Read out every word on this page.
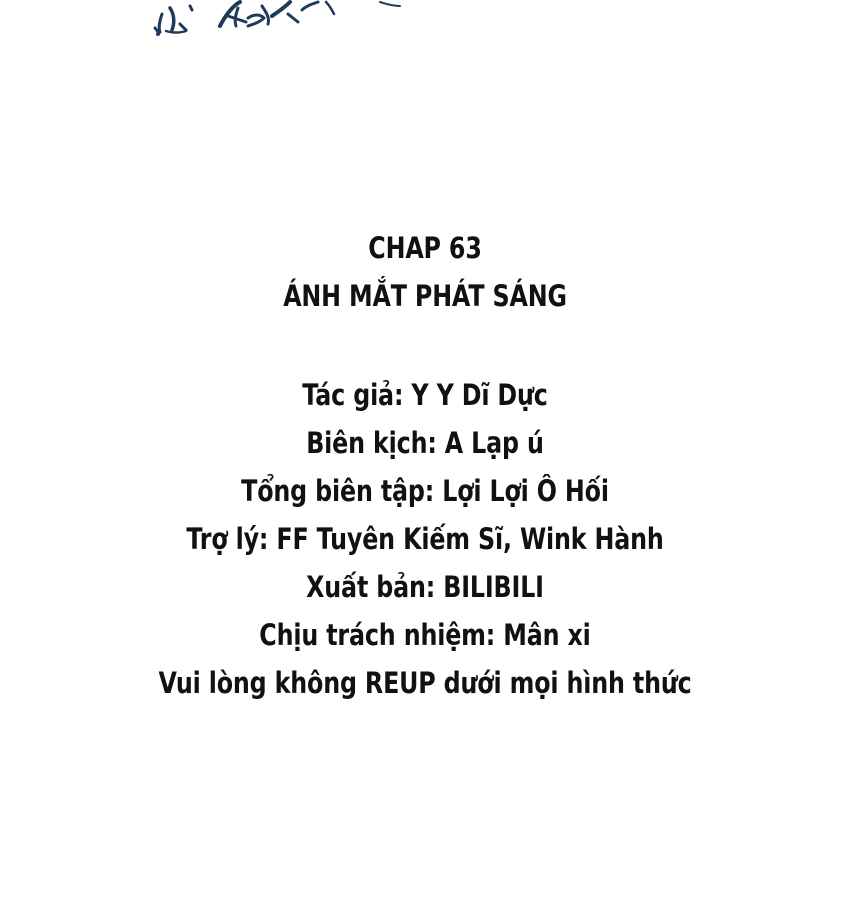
CHAP 63
ÁNH MẮT PHÁT SÁNG
Tác giả: Y Y Dĩ Dực
Biên kịch: A Lạp ú
Tổng biên tập: Lợi Lợi Ô Hối
Trợ lý: FF Tuyên Kiếm Sĩ, Wink Hành
Xuất bản: BILIBILI
Chịu trách nhiệm: Mân xi
Vui lòng không REUP dưới mọi hình thức
